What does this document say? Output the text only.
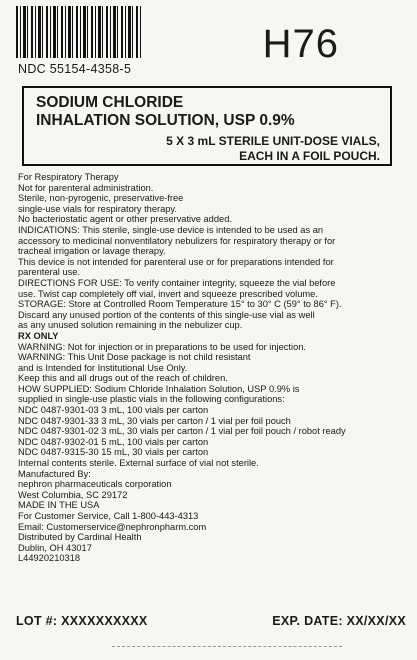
NDC 55154-4358-5
H76
SODIUM CHLORIDE
INHALATION SOLUTION, USP 0.9%
5 X 3 mL STERILE UNIT-DOSE VIALS,
EACH IN A FOIL POUCH.
For Respiratory Therapy
Not for parenteral administration.
Sterile, non-pyrogenic, preservative-free
single-use vials for respiratory therapy.
No bacteriostatic agent or other preservative added.
INDICATIONS: This sterile, single-use device is intended to be used as an
accessory to medicinal nonventilatory nebulizers for respiratory therapy or for
tracheal irrigation or lavage therapy.
This device is not intended for parenteral use or for preparations intended for
parenteral use.
DIRECTIONS FOR USE: To verify container integrity, squeeze the vial before
use. Twist cap completely off vial, invert and squeeze prescribed volume.
STORAGE: Store at Controlled Room Temperature 15° to 30° C (59° to 86° F).
Discard any unused portion of the contents of this single-use vial as well
as any unused solution remaining in the nebulizer cup.
RX ONLY
WARNING: Not for injection or in preparations to be used for injection.
WARNING: This Unit Dose package is not child resistant
and is Intended for Institutional Use Only.
Keep this and all drugs out of the reach of children.
HOW SUPPLIED: Sodium Chloride Inhalation Solution, USP 0.9% is
supplied in single-use plastic vials in the following configurations:
NDC 0487-9301-03 3 mL, 100 vials per carton
NDC 0487-9301-33 3 mL, 30 vials per carton / 1 vial per foil pouch
NDC 0487-9301-02 3 mL, 30 vials per carton / 1 vial per foil pouch / robot ready
NDC 0487-9302-01 5 mL, 100 vials per carton
NDC 0487-9315-30 15 mL, 30 vials per carton
Internal contents sterile. External surface of vial not sterile.
Manufactured By:
nephron pharmaceuticals corporation
West Columbia, SC 29172
MADE IN THE USA
For Customer Service, Call 1-800-443-4313
Email: Customerservice@nephronpharm.com
Distributed by Cardinal Health
Dublin, OH 43017
L44920210318
LOT #: XXXXXXXXXX	EXP. DATE: XX/XX/XX
